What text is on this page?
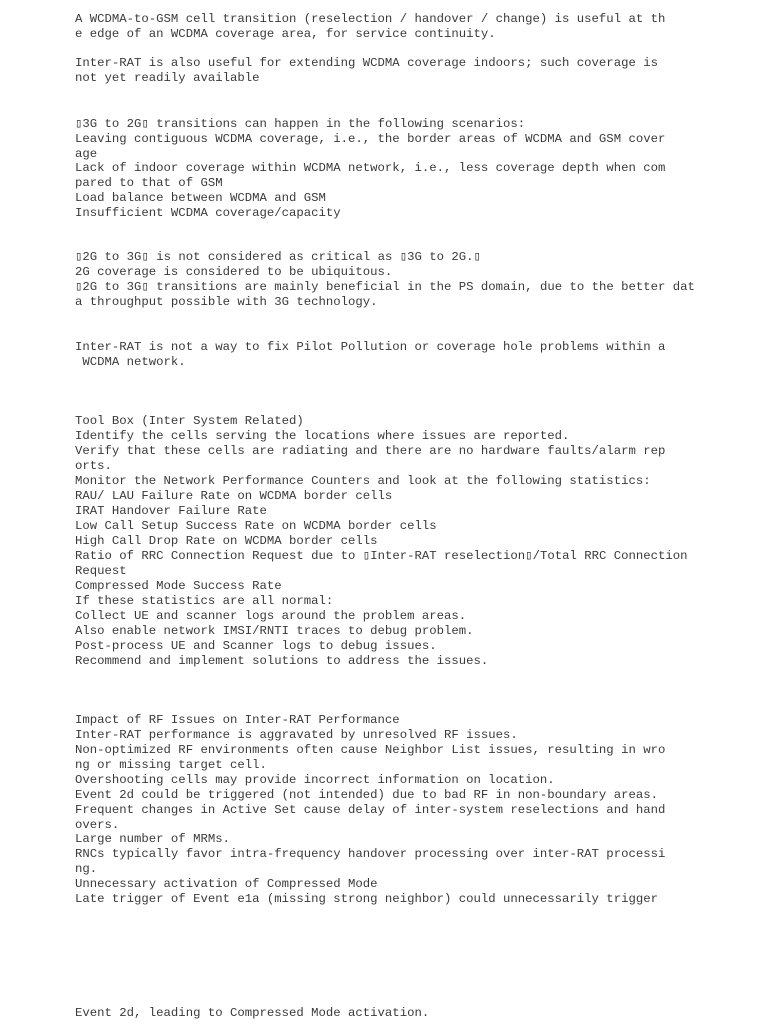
A WCDMA-to-GSM cell transition (reselection / handover / change) is useful at th
e edge of an WCDMA coverage area, for service continuity.
Inter-RAT is also useful for extending WCDMA coverage indoors; such coverage is
not yet readily available
▯3G to 2G▯ transitions can happen in the following scenarios:
Leaving contiguous WCDMA coverage, i.e., the border areas of WCDMA and GSM cover
age
Lack of indoor coverage within WCDMA network, i.e., less coverage depth when com
pared to that of GSM
Load balance between WCDMA and GSM
Insufficient WCDMA coverage/capacity
▯2G to 3G▯ is not considered as critical as ▯3G to 2G.▯
2G coverage is considered to be ubiquitous.
▯2G to 3G▯ transitions are mainly beneficial in the PS domain, due to the better dat
a throughput possible with 3G technology.
Inter-RAT is not a way to fix Pilot Pollution or coverage hole problems within a
WCDMA network.
Tool Box (Inter System Related)
Identify the cells serving the locations where issues are reported.
Verify that these cells are radiating and there are no hardware faults/alarm rep
orts.
Monitor the Network Performance Counters and look at the following statistics:
RAU/ LAU Failure Rate on WCDMA border cells
IRAT Handover Failure Rate
Low Call Setup Success Rate on WCDMA border cells
High Call Drop Rate on WCDMA border cells
Ratio of RRC Connection Request due to ▯Inter-RAT reselection▯/Total RRC Connection
Request
Compressed Mode Success Rate
If these statistics are all normal:
Collect UE and scanner logs around the problem areas.
Also enable network IMSI/RNTI traces to debug problem.
Post-process UE and Scanner logs to debug issues.
Recommend and implement solutions to address the issues.
Impact of RF Issues on Inter-RAT Performance
Inter-RAT performance is aggravated by unresolved RF issues.
Non-optimized RF environments often cause Neighbor List issues, resulting in wro
ng or missing target cell.
Overshooting cells may provide incorrect information on location.
Event 2d could be triggered (not intended) due to bad RF in non-boundary areas.
Frequent changes in Active Set cause delay of inter-system reselections and hand
overs.
Large number of MRMs.
RNCs typically favor intra-frequency handover processing over inter-RAT processi
ng.
Unnecessary activation of Compressed Mode
Late trigger of Event e1a (missing strong neighbor) could unnecessarily trigger
Event 2d, leading to Compressed Mode activation.
